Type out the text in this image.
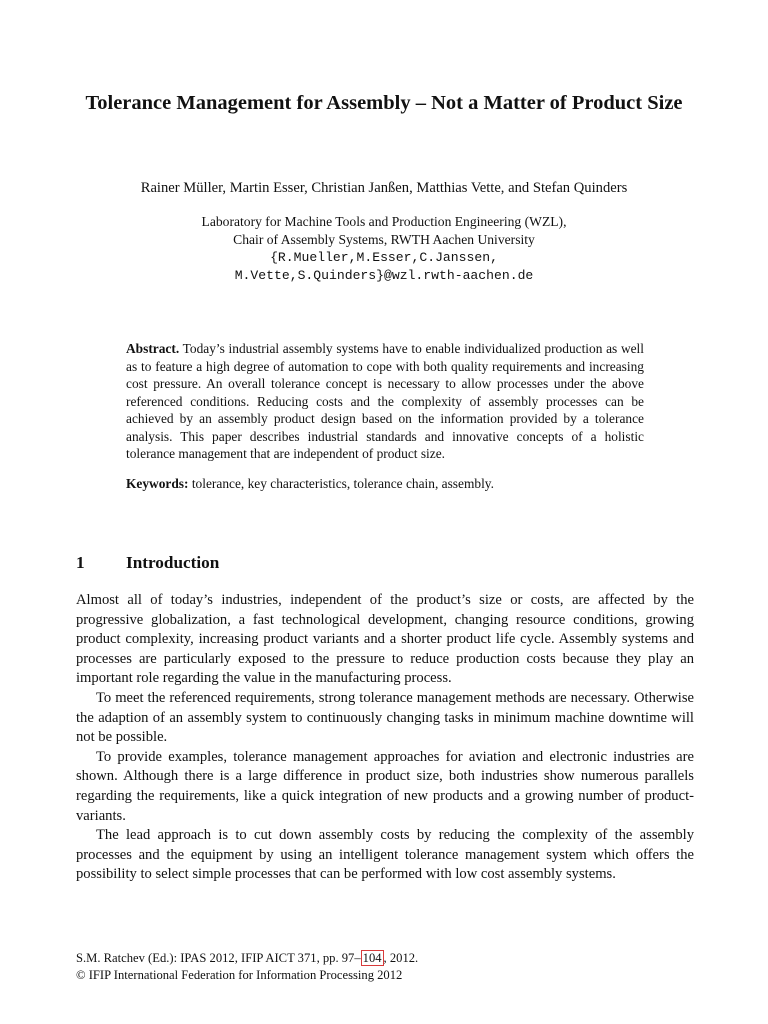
Tolerance Management for Assembly – Not a Matter of Product Size
Rainer Müller, Martin Esser, Christian Janßen, Matthias Vette, and Stefan Quinders
Laboratory for Machine Tools and Production Engineering (WZL),
Chair of Assembly Systems, RWTH Aachen University
{R.Mueller,M.Esser,C.Janssen,
M.Vette,S.Quinders}@wzl.rwth-aachen.de

Abstract. Today’s industrial assembly systems have to enable individualized production as well as to feature a high degree of automation to cope with both quality requirements and increasing cost pressure. An overall tolerance concept is necessary to allow processes under the above referenced conditions. Reducing costs and the complexity of assembly processes can be achieved by an assembly product design based on the information provided by a tolerance analysis. This paper describes industrial standards and innovative concepts of a holistic tolerance management that are independent of product size.

Keywords: tolerance, key characteristics, tolerance chain, assembly.

1 Introduction

Almost all of today’s industries, independent of the product’s size or costs, are affected by the progressive globalization, a fast technological development, changing resource conditions, growing product complexity, increasing product variants and a shorter product life cycle. Assembly systems and processes are particularly exposed to the pressure to reduce production costs because they play an important role regarding the value in the manufacturing process.

To meet the referenced requirements, strong tolerance management methods are necessary. Otherwise the adaption of an assembly system to continuously changing tasks in minimum machine downtime will not be possible.

To provide examples, tolerance management approaches for aviation and electronic industries are shown. Although there is a large difference in product size, both industries show numerous parallels regarding the requirements, like a quick integration of new products and a growing number of product-variants.

The lead approach is to cut down assembly costs by reducing the complexity of the assembly processes and the equipment by using an intelligent tolerance management system which offers the possibility to select simple processes that can be performed with low cost assembly systems.

S.M. Ratchev (Ed.): IPAS 2012, IFIP AICT 371, pp. 97– 104 , 2012.
© IFIP International Federation for Information Processing 2012
